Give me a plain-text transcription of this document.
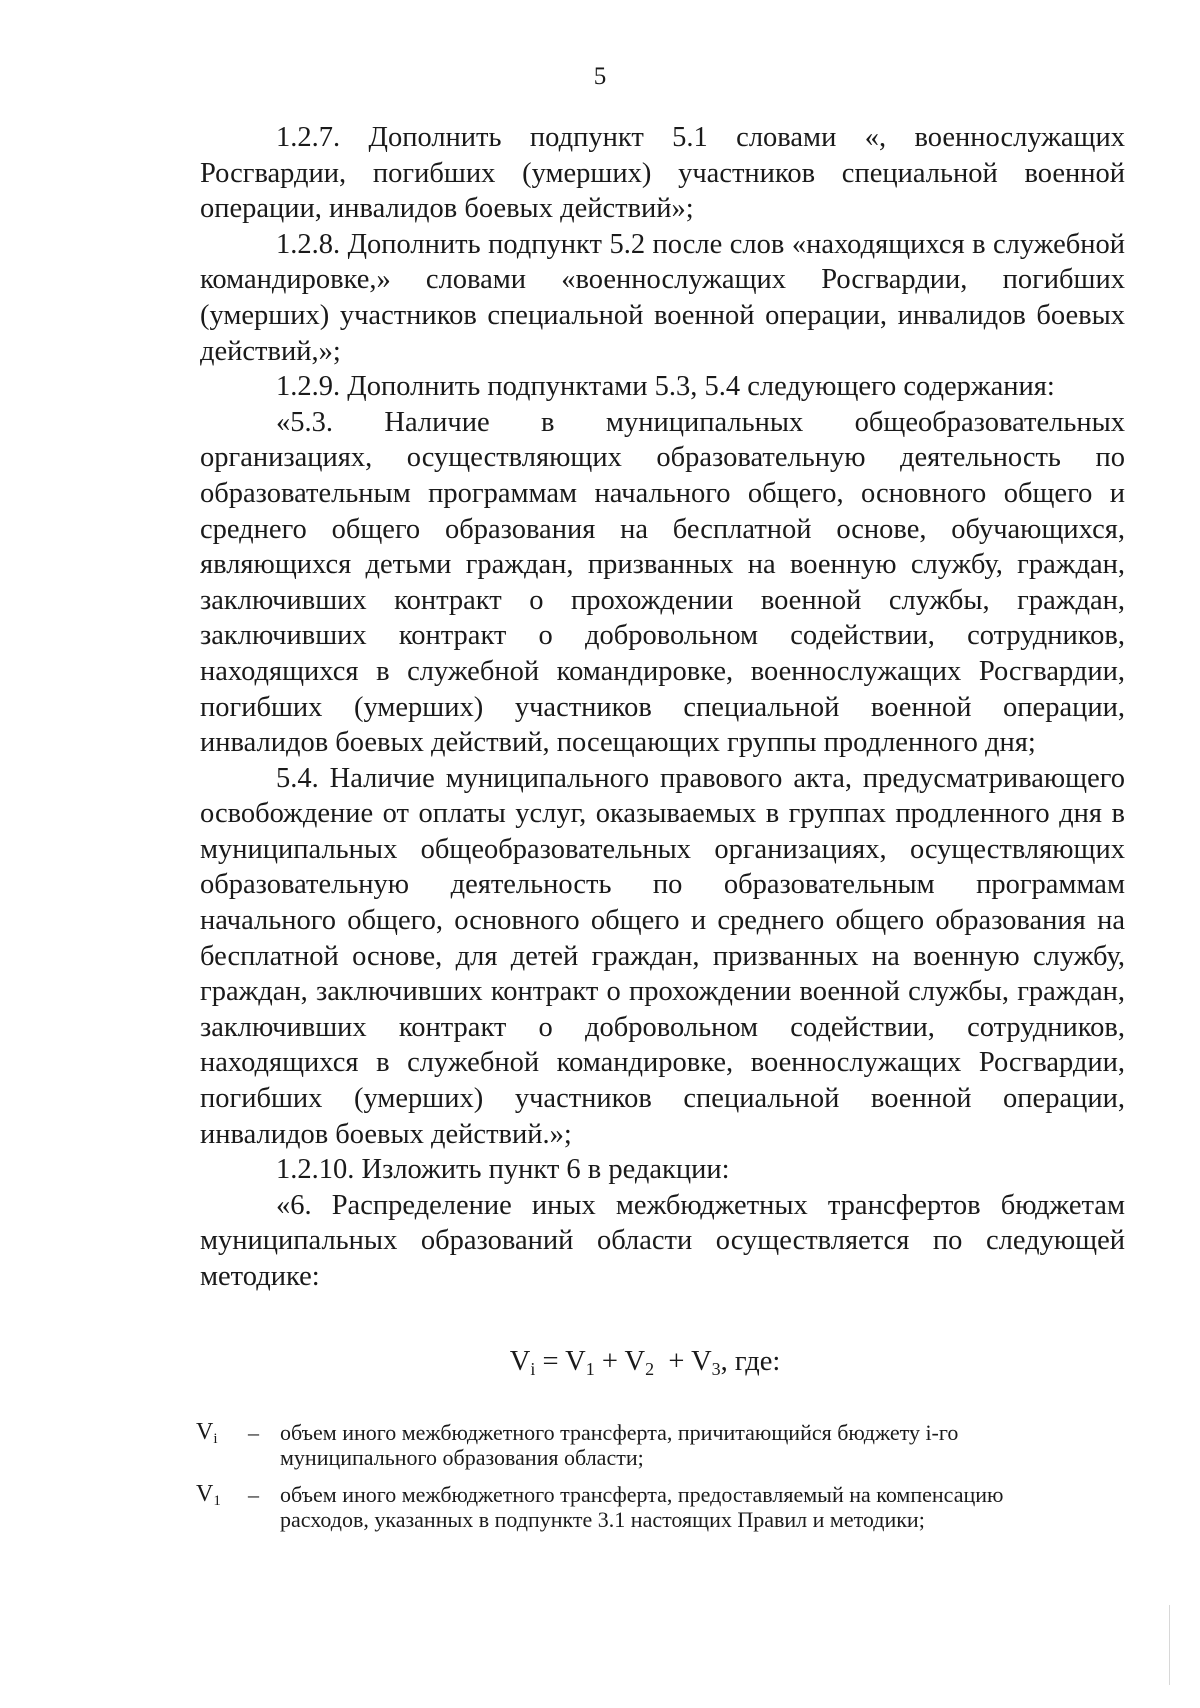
5

1.2.7. Дополнить подпункт 5.1 словами «, военнослужащих Росгвардии, погибших (умерших) участников специальной военной операции, инвалидов боевых действий»;

1.2.8. Дополнить подпункт 5.2 после слов «находящихся в служебной командировке,» словами «военнослужащих Росгвардии, погибших (умерших) участников специальной военной операции, инвалидов боевых действий,»;

1.2.9. Дополнить подпунктами 5.3, 5.4 следующего содержания:

«5.3. Наличие в муниципальных общеобразовательных организациях, осуществляющих образовательную деятельность по образовательным программам начального общего, основного общего и среднего общего образования на бесплатной основе, обучающихся, являющихся детьми граждан, призванных на военную службу, граждан, заключивших контракт о прохождении военной службы, граждан, заключивших контракт о добровольном содействии, сотрудников, находящихся в служебной командировке, военнослужащих Росгвардии, погибших (умерших) участников специальной военной операции, инвалидов боевых действий, посещающих группы продленного дня;

5.4. Наличие муниципального правового акта, предусматривающего освобождение от оплаты услуг, оказываемых в группах продленного дня в муниципальных общеобразовательных организациях, осуществляющих образовательную деятельность по образовательным программам начального общего, основного общего и среднего общего образования на бесплатной основе, для детей граждан, призванных на военную службу, граждан, заключивших контракт о прохождении военной службы, граждан, заключивших контракт о добровольном содействии, сотрудников, находящихся в служебной командировке, военнослужащих Росгвардии, погибших (умерших) участников специальной военной операции, инвалидов боевых действий.»;

1.2.10. Изложить пункт 6 в редакции:

«6. Распределение иных межбюджетных трансфертов бюджетам муниципальных образований области осуществляется по следующей методике:

$V_i = V_1 + V_2 + V_3$, где:
$V_i$	– объем иного межбюджетного трансферта, причитающийся бюджету i-го муниципального образования области;
$V_1$	– объем иного межбюджетного трансферта, предоставляемый на компенсацию расходов, указанных в подпункте 3.1 настоящих Правил и методики;
